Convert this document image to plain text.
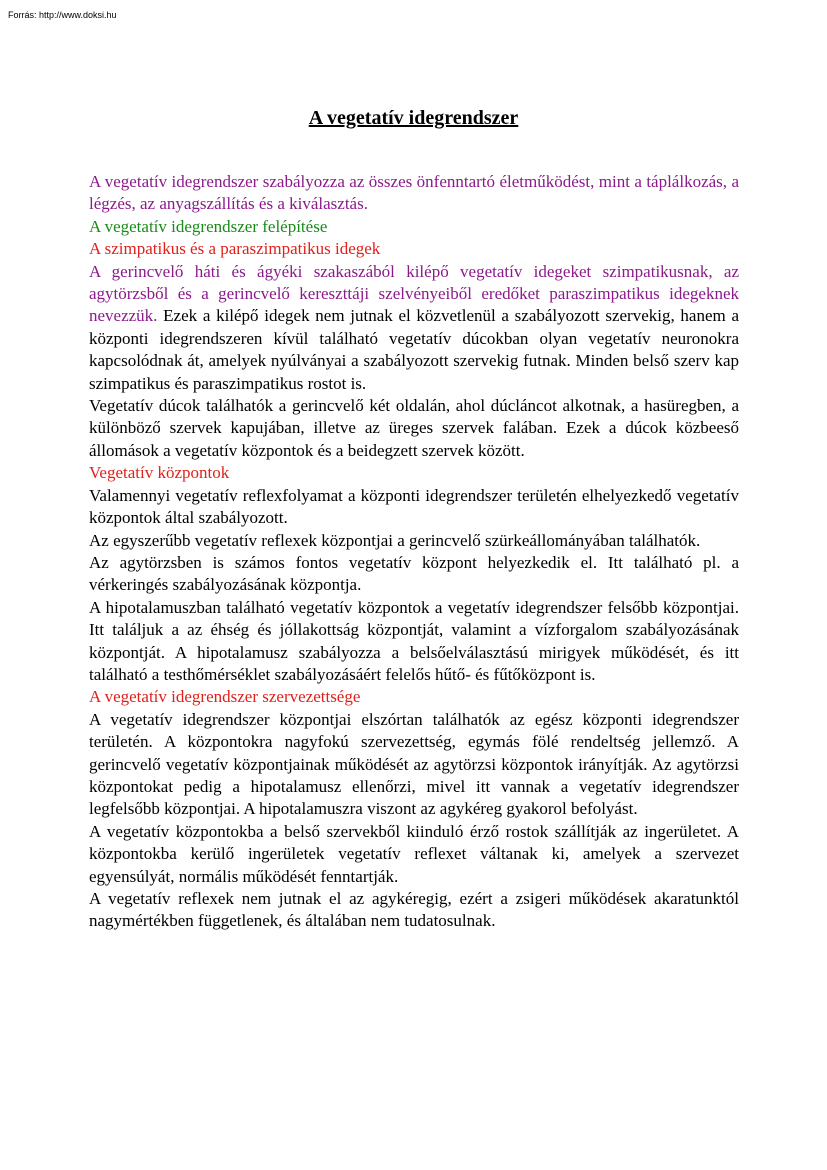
Forrás: http://www.doksi.hu
A vegetatív idegrendszer

A vegetatív idegrendszer szabályozza az összes önfenntartó életműködést, mint a táplálkozás, a légzés, az anyagszállítás és a kiválasztás.

A vegetatív idegrendszer felépítése

A szimpatikus és a paraszimpatikus idegek

A gerincvelő háti és ágyéki szakaszából kilépő vegetatív idegeket szimpatikusnak, az agytörzsből és a gerincvelő kereszttáji szelvényeiből eredőket paraszimpatikus idegeknek nevezzük. Ezek a kilépő idegek nem jutnak el közvetlenül a szabályozott szervekig, hanem a központi idegrendszeren kívül található vegetatív dúcokban olyan vegetatív neuronokra kapcsolódnak át, amelyek nyúlványai a szabályozott szervekig futnak. Minden belső szerv kap szimpatikus és paraszimpatikus rostot is.

Vegetatív dúcok találhatók a gerincvelő két oldalán, ahol dúcláncot alkotnak, a hasüregben, a különböző szervek kapujában, illetve az üreges szervek falában. Ezek a dúcok közbeeső állomások a vegetatív központok és a beidegzett szervek között.

Vegetatív központok

Valamennyi vegetatív reflexfolyamat a központi idegrendszer területén elhelyezkedő vegetatív központok által szabályozott.

Az egyszerűbb vegetatív reflexek központjai a gerincvelő szürkeállományában találhatók.

Az agytörzsben is számos fontos vegetatív központ helyezkedik el. Itt található pl. a vérkeringés szabályozásának központja.

A hipotalamuszban található vegetatív központok a vegetatív idegrendszer felsőbb központjai. Itt találjuk a az éhség és jóllakottság központját, valamint a vízforgalom szabályozásának központját. A hipotalamusz szabályozza a belsőelválasztású mirigyek működését, és itt található a testhőmérséklet szabályozásáért felelős hűtő- és fűtőközpont is.

A vegetatív idegrendszer szervezettsége

A vegetatív idegrendszer központjai elszórtan találhatók az egész központi idegrendszer területén. A központokra nagyfokú szervezettség, egymás fölé rendeltség jellemző. A gerincvelő vegetatív központjainak működését az agytörzsi központok irányítják. Az agytörzsi központokat pedig a hipotalamusz ellenőrzi, mivel itt vannak a vegetatív idegrendszer legfelsőbb központjai. A hipotalamuszra viszont az agykéreg gyakorol befolyást.

A vegetatív központokba a belső szervekből kiinduló érző rostok szállítják az ingerületet. A központokba kerülő ingerületek vegetatív reflexet váltanak ki, amelyek a szervezet egyensúlyát, normális működését fenntartják.

A vegetatív reflexek nem jutnak el az agykéregig, ezért a zsigeri működések akaratunktól nagymértékben függetlenek, és általában nem tudatosulnak.
